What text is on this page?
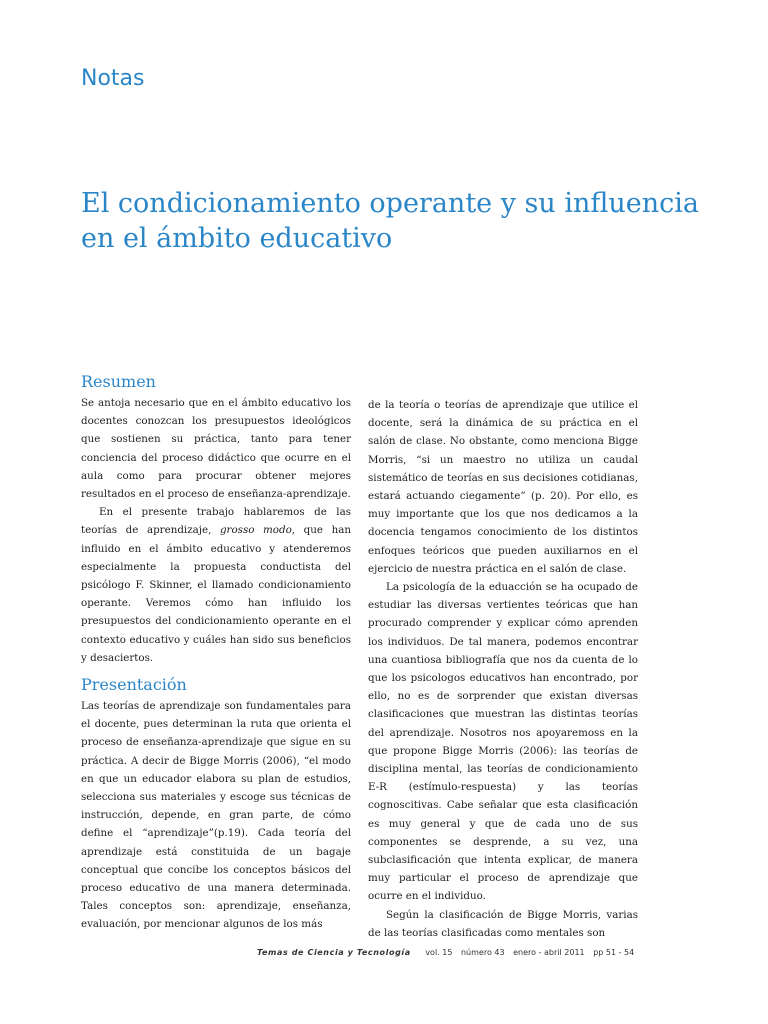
Notas
El condicionamiento operante y su influencia en el ámbito educativo
Resumen

Se antoja necesario que en el ámbito educativo los docentes conozcan los presupuestos ideológicos que sostienen su práctica, tanto para tener conciencia del proceso didáctico que ocurre en el aula como para procurar obtener mejores resultados en el proceso de enseñanza-aprendizaje.

En el presente trabajo hablaremos de las teorías de aprendizaje, grosso modo, que han influido en el ámbito educativo y atenderemos especialmente la propuesta conductista del psicólogo F. Skinner, el llamado condicionamiento operante. Veremos cómo han influido los presupuestos del condicionamiento operante en el contexto educativo y cuáles han sido sus beneficios y desaciertos.

Presentación

Las teorías de aprendizaje son fundamentales para el docente, pues determinan la ruta que orienta el proceso de enseñanza-aprendizaje que sigue en su práctica. A decir de Bigge Morris (2006), “el modo en que un educador elabora su plan de estudios, selecciona sus materiales y escoge sus técnicas de instrucción, depende, en gran parte, de cómo define el “aprendizaje”(p.19). Cada teoría del aprendizaje está constituida de un bagaje conceptual que concibe los conceptos básicos del proceso educativo de una manera determinada. Tales conceptos son: aprendizaje, enseñanza, evaluación, por mencionar algunos de los más

de la teoría o teorías de aprendizaje que utilice el docente, será la dinámica de su práctica en el salón de clase. No obstante, como menciona Bigge Morris, “si un maestro no utiliza un caudal sistemático de teorías en sus decisiones cotidianas, estará actuando ciegamente” (p. 20). Por ello, es muy importante que los que nos dedicamos a la docencia tengamos conocimiento de los distintos enfoques teóricos que pueden auxiliarnos en el ejercicio de nuestra práctica en el salón de clase.

La psicología de la eduacción se ha ocupado de estudiar las diversas vertientes teóricas que han procurado comprender y explicar cómo aprenden los individuos. De tal manera, podemos encontrar una cuantiosa bibliografía que nos da cuenta de lo que los psicologos educativos han encontrado, por ello, no es de sorprender que existan diversas clasificaciones que muestran las distintas teorías del aprendizaje. Nosotros nos apoyaremoss en la que propone Bigge Morris (2006): las teorías de disciplina mental, las teorías de condicionamiento E-R (estímulo-respuesta) y las teorías cognoscitivas. Cabe señalar que esta clasificación es muy general y que de cada uno de sus componentes se desprende, a su vez, una subclasificación que intenta explicar, de manera muy particular el proceso de aprendizaje que ocurre en el individuo.

Según la clasificación de Bigge Morris, varias de las teorías clasificadas como mentales son

Temas de Ciencia y Tecnología vol. 15 número 43 enero - abril 2011 pp 51 - 54
